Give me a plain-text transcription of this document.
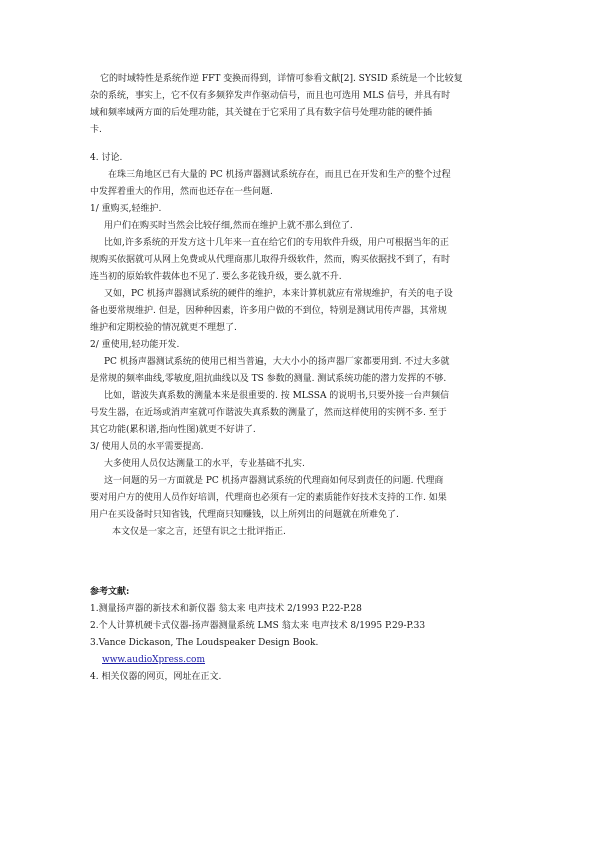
它的时域特性是系统作逆 FFT 变换而得到，详情可参看文献[2]. SYSID 系统是一个比较复

杂的系统，事实上，它不仅有多频猝发声作驱动信号，而且也可选用 MLS 信号，并具有时

域和频率域两方面的后处理功能，其关键在于它采用了具有数字信号处理功能的硬件插

卡.

4. 讨论.

在珠三角地区已有大量的 PC 机扬声器测试系统存在，而且已在开发和生产的整个过程

中发挥着重大的作用，然而也还存在一些问题.

1/ 重购买,轻维护.

用户们在购买时当然会比较仔细,然而在维护上就不那么到位了.

比如,许多系统的开发方这十几年来一直在给它们的专用软件升级，用户可根据当年的正

规购买依据就可从网上免费或从代理商那儿取得升级软件，然而，购买依据找不到了，有时

连当初的原始软件载体也不见了. 要么多花钱升级，要么就不升.

又如，PC 机扬声器测试系统的硬件的维护，本来计算机就应有常规维护，有关的电子设

备也要常规维护. 但是，因种种因素，许多用户做的不到位，特别是测试用传声器，其常规

维护和定期校验的情况就更不理想了.

2/ 重使用,轻功能开发.

PC 机扬声器测试系统的使用已相当普遍，大大小小的扬声器厂家都要用到. 不过大多就

是常规的频率曲线,零敏度,阻抗曲线以及 TS 参数的测量. 测试系统功能的潜力发挥的不够.

比如，谐波失真系数的测量本来是很重要的. 按 MLSSA 的说明书,只要外接一台声频信

号发生器，在近场或消声室就可作谐波失真系数的测量了，然而这样使用的实例不多. 至于

其它功能(累积谱,指向性图)就更不好讲了.

3/ 使用人员的水平需要提高.

大多使用人员仅达测量工的水平，专业基础不扎实.

这一问题的另一方面就是 PC 机扬声器测试系统的代理商如何尽到责任的问题. 代理商

要对用户方的使用人员作好培训，代理商也必须有一定的素质能作好技术支持的工作. 如果

用户在买设备时只知省钱，代理商只知赚钱，以上所列出的问题就在所难免了.

本文仅是一家之言，还望有识之士批评指正.

参考文献:

1.测量扬声器的新技术和新仪器 翁太来 电声技术 2/1993 P.22-P.28

2.个人计算机硬卡式仪器-扬声器测量系统 LMS 翁太来 电声技术 8/1995 P.29-P.33

3.Vance Dickason, The Loudspeaker Design Book.

www.audioXpress.com

4. 相关仪器的网页，网址在正文.
